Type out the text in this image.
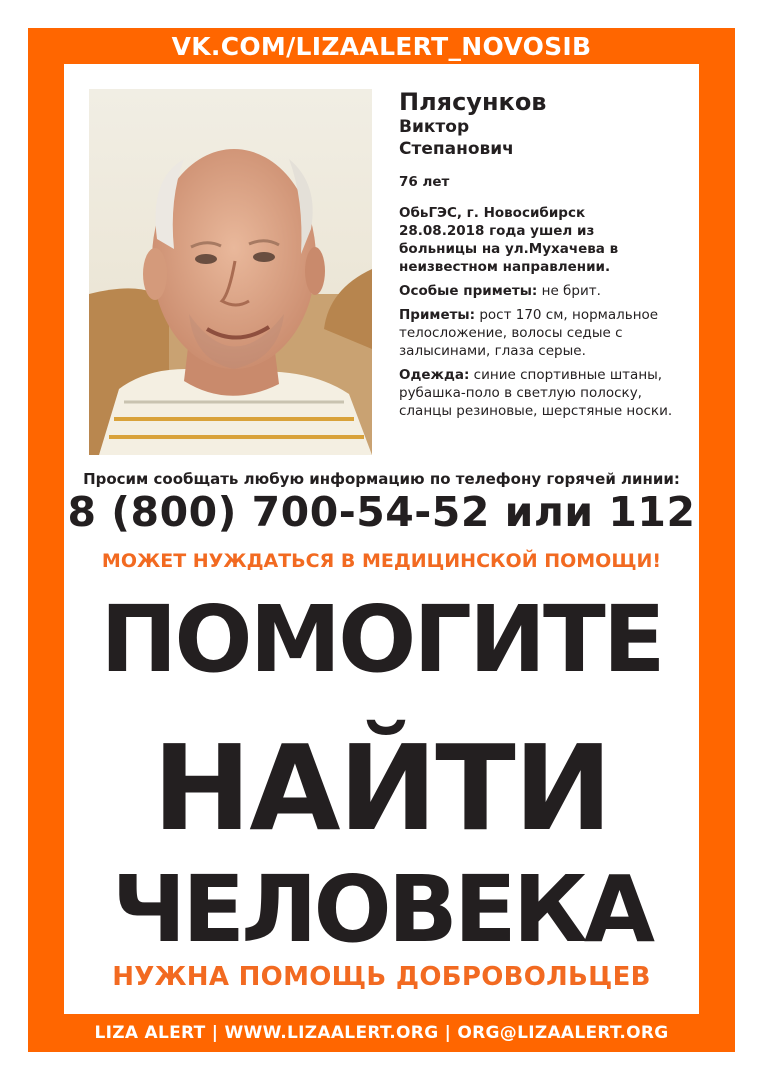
VK.COM/LIZAALERT_NOVOSIB
Плясунков
Виктор
Степанович
76 лет
ОбьГЭС, г. Новосибирск
28.08.2018 года ушел из
больницы на ул.Мухачева в
неизвестном направлении.
Особые приметы: не брит.
Приметы: рост 170 см, нормальное телосложение, волосы седые с залысинами, глаза серые.
Одежда: синие спортивные штаны, рубашка-поло в светлую полоску, сланцы резиновые, шерстяные носки.
Просим сообщать любую информацию по телефону горячей линии:
8 (800) 700-54-52 или 112
МОЖЕТ НУЖДАТЬСЯ В МЕДИЦИНСКОЙ ПОМОЩИ!
ПОМОГИТЕ
НАЙТИ
ЧЕЛОВЕКА
НУЖНА ПОМОЩЬ ДОБРОВОЛЬЦЕВ
LIZA ALERT | WWW.LIZAALERT.ORG | ORG@LIZAALERT.ORG
